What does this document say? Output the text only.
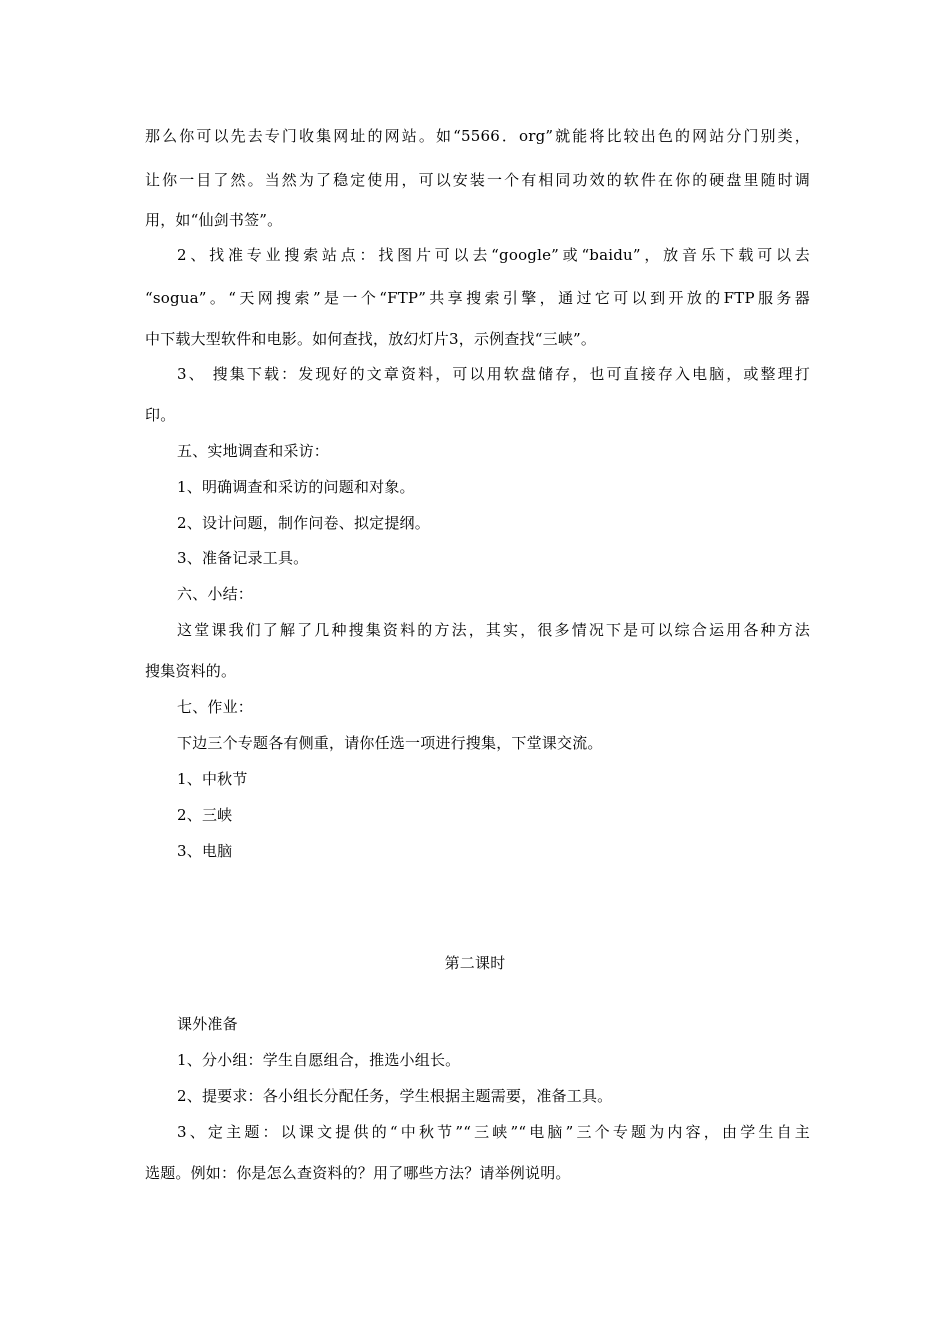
那么你可以先去专门收集网址的网站。如“5566．org”就能将比较出色的网站分门别类，
让你一目了然。当然为了稳定使用，可以安装一个有相同功效的软件在你的硬盘里随时调
用，如“仙剑书签”。
2、找准专业搜索站点：找图片可以去“google”或“baidu”，放音乐下载可以去
“sogua”。“天网搜索”是一个“FTP”共享搜索引擎，通过它可以到开放的FTP服务器
中下载大型软件和电影。如何查找，放幻灯片3，示例查找“三峡”。
3、 搜集下载：发现好的文章资料，可以用软盘储存，也可直接存入电脑，或整理打
印。
五、实地调查和采访：
1、明确调查和采访的问题和对象。
2、设计问题，制作问卷、拟定提纲。
3、准备记录工具。
六、小结：
这堂课我们了解了几种搜集资料的方法，其实，很多情况下是可以综合运用各种方法
搜集资料的。
七、作业：
下边三个专题各有侧重，请你任选一项进行搜集，下堂课交流。
1、中秋节
2、三峡
3、电脑
第二课时
课外准备
1、分小组：学生自愿组合，推选小组长。
2、提要求：各小组长分配任务，学生根据主题需要，准备工具。
3、定主题：以课文提供的“中秋节”“三峡”“电脑”三个专题为内容，由学生自主
选题。例如：你是怎么查资料的？用了哪些方法？请举例说明。
